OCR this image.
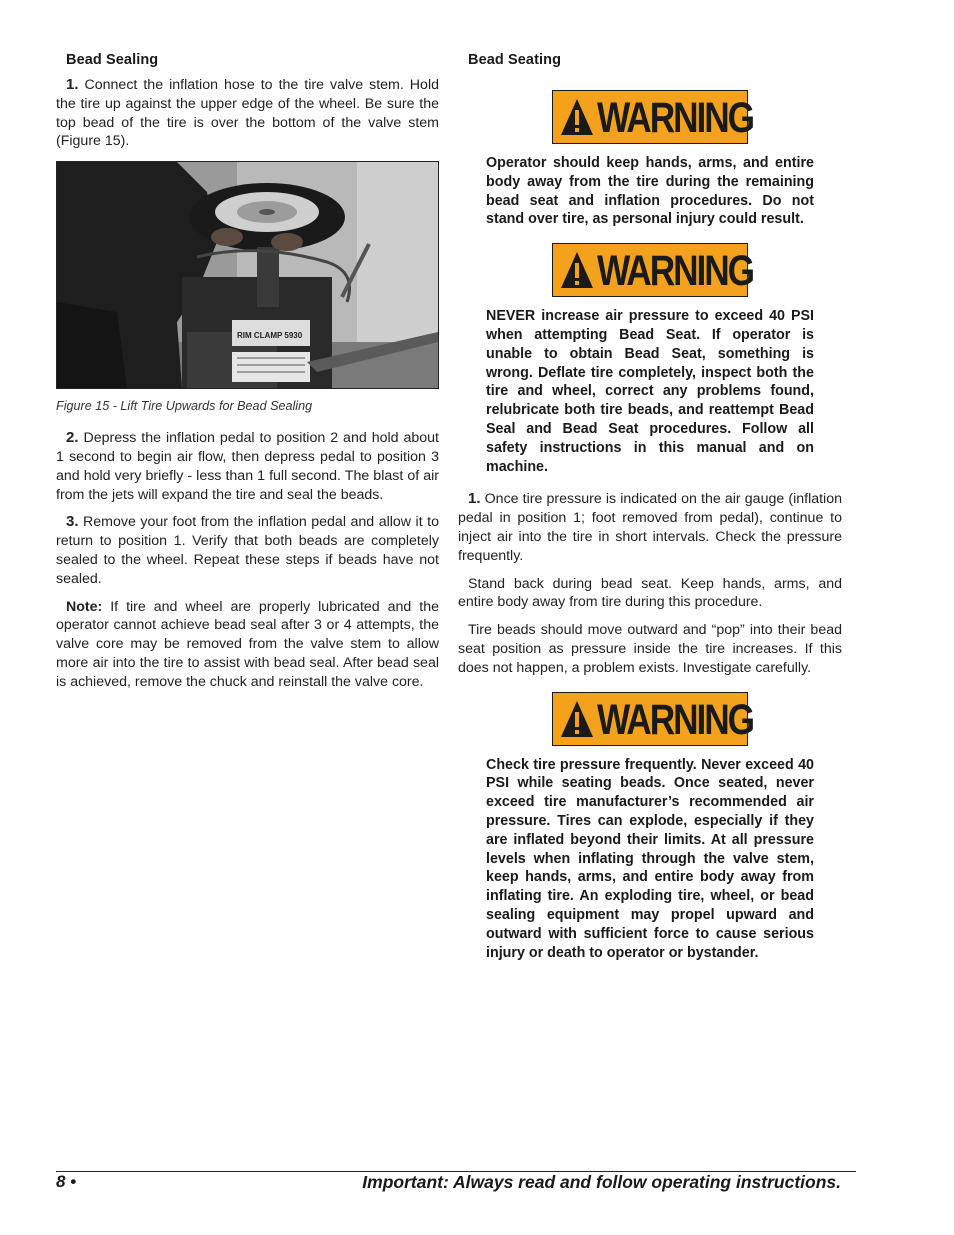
Bead Sealing

1. Connect the inflation hose to the tire valve stem. Hold the tire up against the upper edge of the wheel. Be sure the top bead of the tire is over the bottom of the valve stem (Figure 15).

RIM CLAMP 5930
Figure 15 - Lift Tire Upwards for Bead Sealing

2. Depress the inflation pedal to position 2 and hold about 1 second to begin air flow, then depress pedal to position 3 and hold very briefly - less than 1 full second. The blast of air from the jets will expand the tire and seal the beads.

3. Remove your foot from the inflation pedal and allow it to return to position 1. Verify that both beads are completely sealed to the wheel. Repeat these steps if beads have not sealed.

Note: If tire and wheel are properly lubricated and the operator cannot achieve bead seal after 3 or 4 attempts, the valve core may be removed from the valve stem to allow more air into the tire to assist with bead seal. After bead seal is achieved, remove the chuck and reinstall the valve core.

Bead Seating
WARNING
Operator should keep hands, arms, and entire body away from the tire during the remaining bead seat and inflation procedures. Do not stand over tire, as personal injury could result.
WARNING
NEVER increase air pressure to exceed 40 PSI when attempting Bead Seat. If operator is unable to obtain Bead Seat, something is wrong. Deflate tire completely, inspect both the tire and wheel, correct any problems found, relubricate both tire beads, and reattempt Bead Seal and Bead Seat procedures. Follow all safety instructions in this manual and on machine.

1. Once tire pressure is indicated on the air gauge (inflation pedal in position 1; foot removed from pedal), continue to inject air into the tire in short intervals. Check the pressure frequently.

Stand back during bead seat. Keep hands, arms, and entire body away from tire during this procedure.

Tire beads should move outward and “pop” into their bead seat position as pressure inside the tire increases. If this does not happen, a problem exists. Investigate carefully.

WARNING
Check tire pressure frequently. Never exceed 40 PSI while seating beads. Once seated, never exceed tire manufacturer’s recommended air pressure. Tires can explode, especially if they are inflated beyond their limits. At all pressure levels when inflating through the valve stem, keep hands, arms, and entire body away from inflating tire. An exploding tire, wheel, or bead sealing equipment may propel upward and outward with sufficient force to cause serious injury or death to operator or bystander.
8 •	Important: Always read and follow operating instructions.
